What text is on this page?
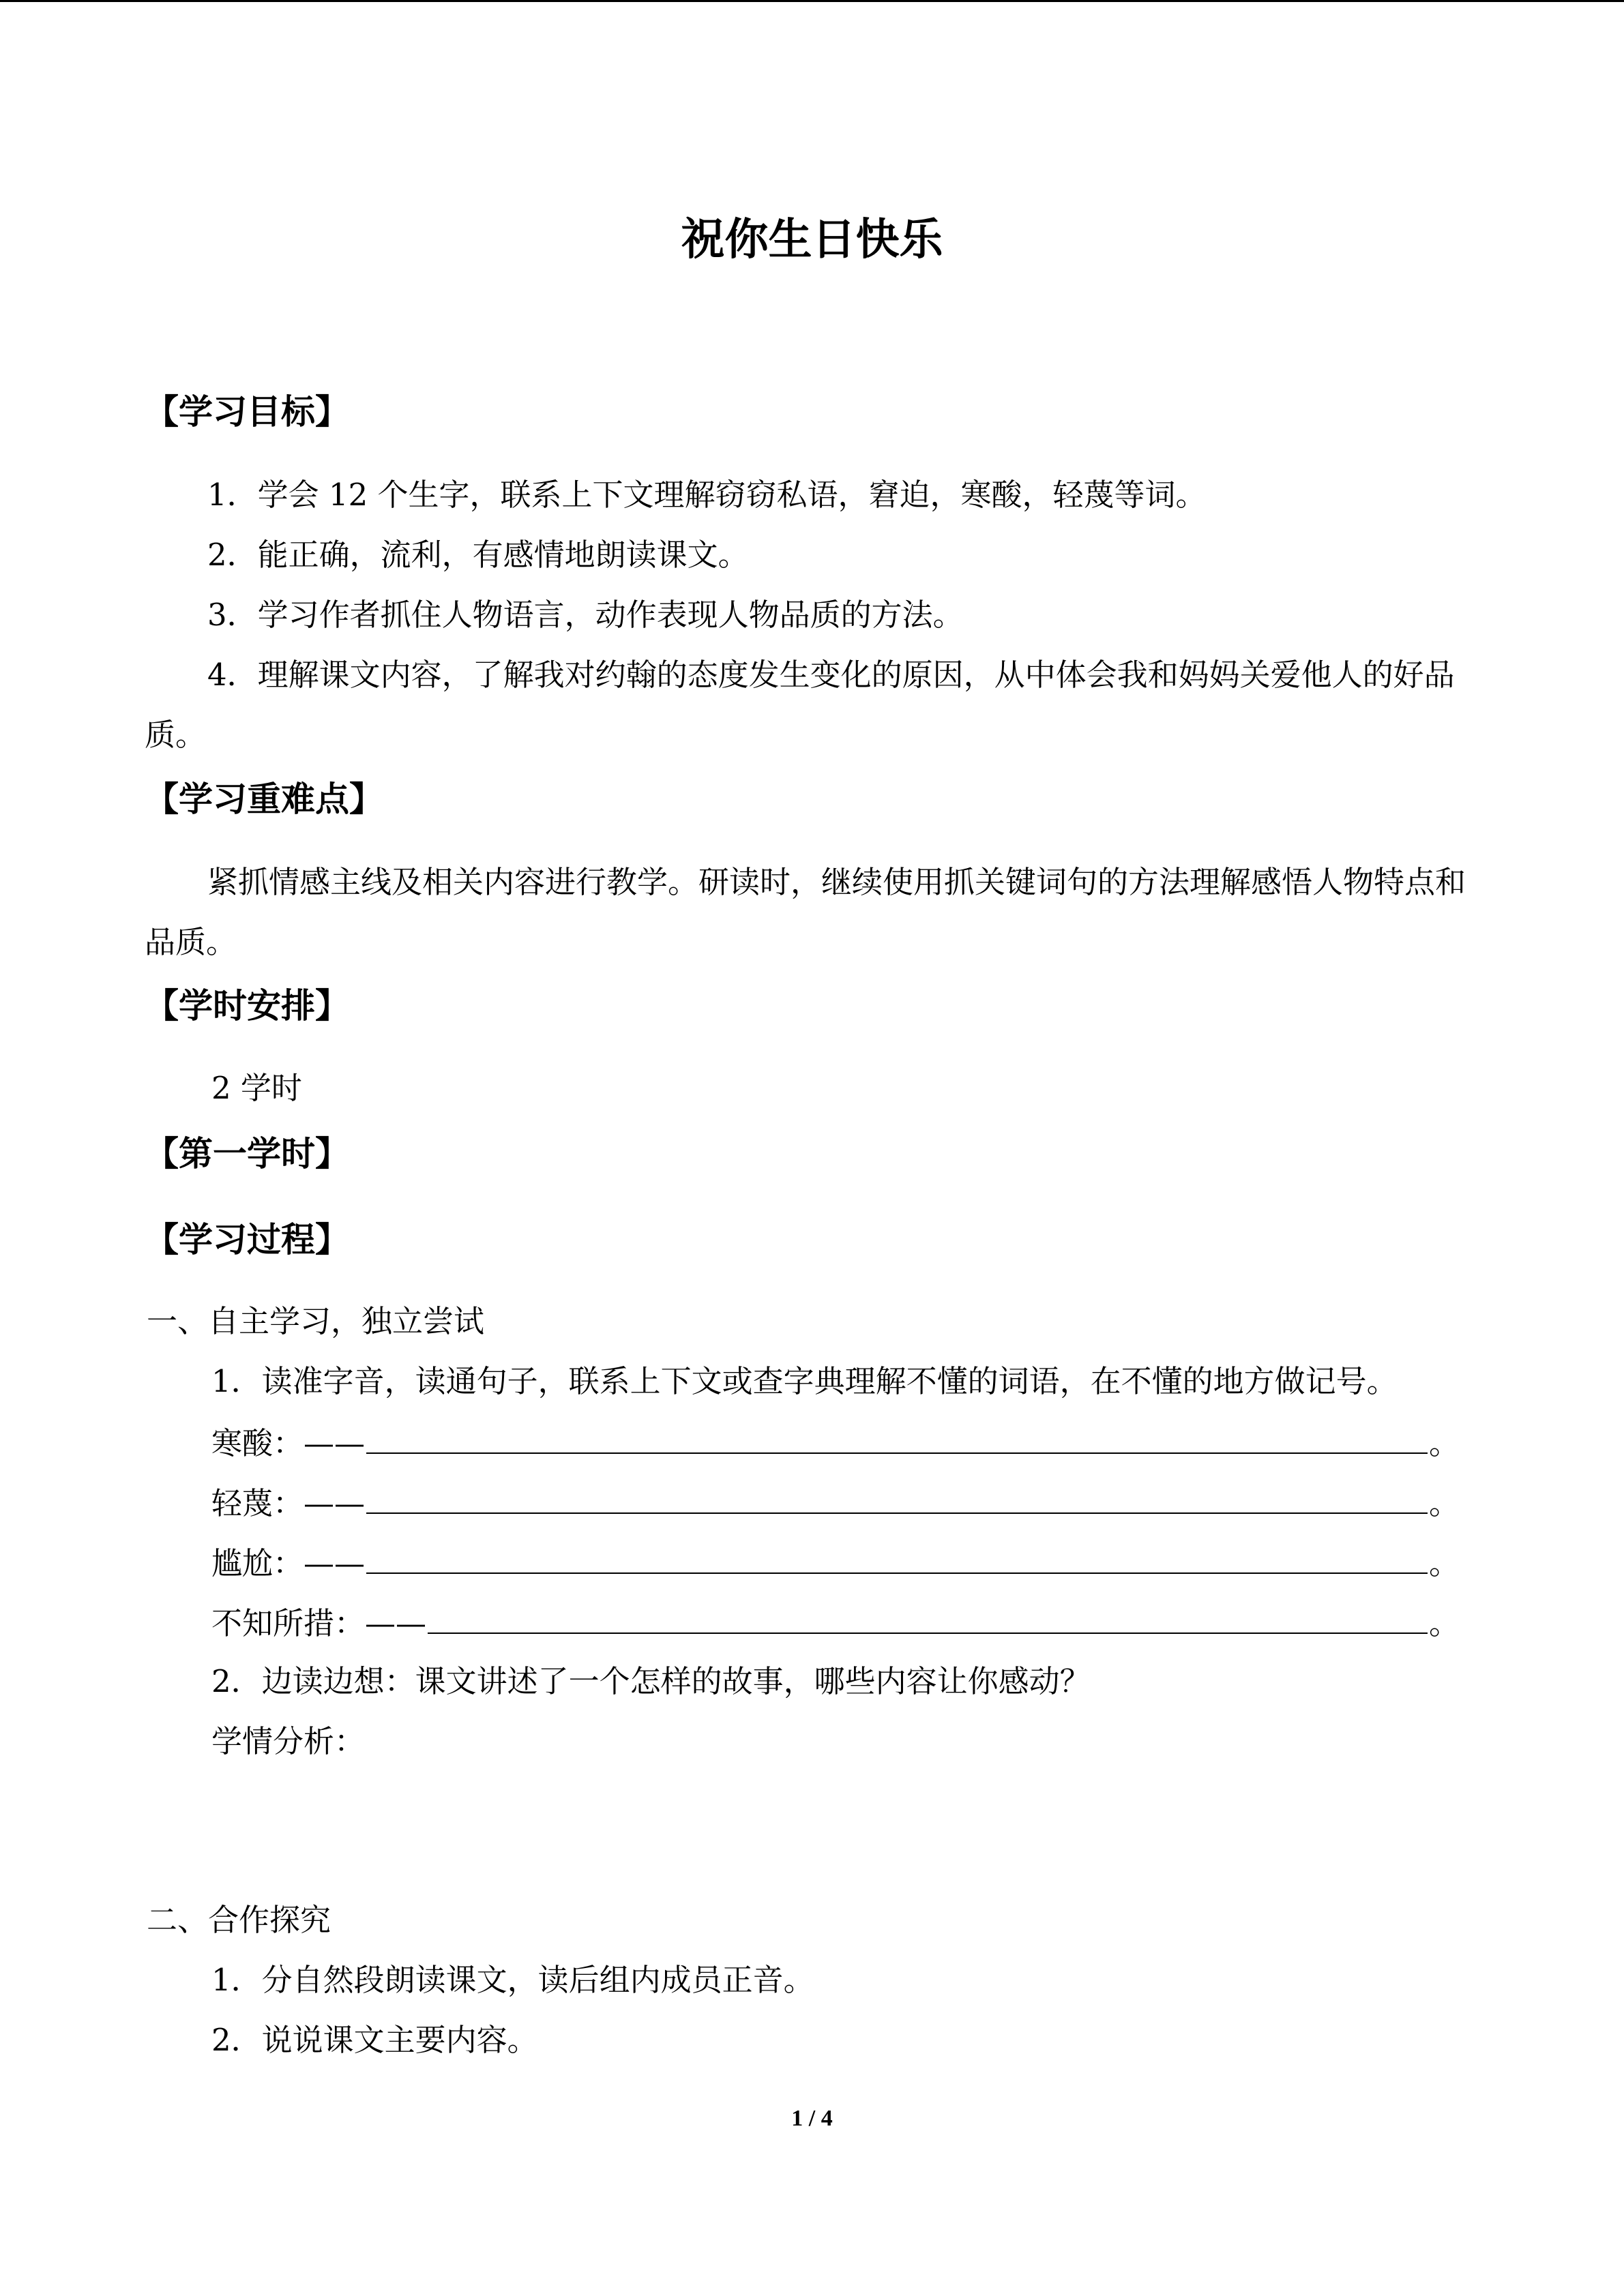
祝你生日快乐
【学习目标】
1．学会 12 个生字，联系上下文理解窃窃私语，窘迫，寒酸，轻蔑等词。
2．能正确，流利，有感情地朗读课文。
3．学习作者抓住人物语言，动作表现人物品质的方法。
4．理解课文内容，了解我对约翰的态度发生变化的原因，从中体会我和妈妈关爱他人的好品质。
【学习重难点】
紧抓情感主线及相关内容进行教学。研读时，继续使用抓关键词句的方法理解感悟人物特点和品质。
【学时安排】
2 学时
【第一学时】
【学习过程】
一、自主学习，独立尝试
1．读准字音，读通句子，联系上下文或查字典理解不懂的词语，在不懂的地方做记号。
寒酸：——	。
轻蔑：——	。
尴尬：——	。
不知所措：——	。
2．边读边想：课文讲述了一个怎样的故事，哪些内容让你感动？
学情分析：
二、合作探究
1．分自然段朗读课文，读后组内成员正音。
2．说说课文主要内容。
1 / 4
